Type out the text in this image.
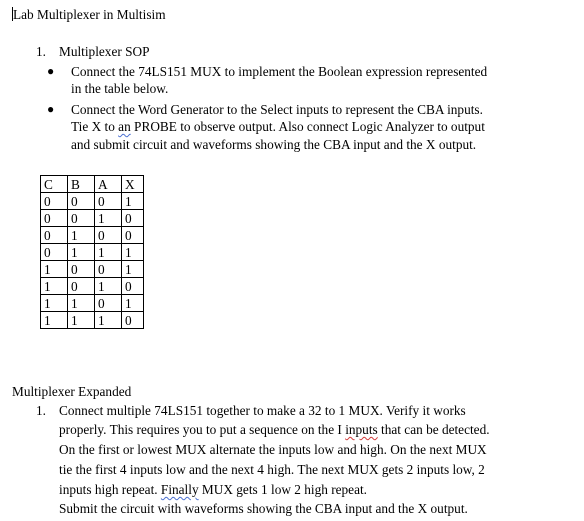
Lab Multiplexer in Multisim
1. Multiplexer SOP
● Connect the 74LS151 MUX to implement the Boolean expression represented
in the table below.
● Connect the Word Generator to the Select inputs to represent the CBA inputs.
Tie X to an PROBE to observe output. Also connect Logic Analyzer to output
and submit circuit and waveforms showing the CBA input and the X output.
C	B	A	X
0	0	0	1
0	0	1	0
0	1	0	0
0	1	1	1
1	0	0	1
1	0	1	0
1	1	0	1
1	1	1	0
Multiplexer Expanded
1. Connect multiple 74LS151 together to make a 32 to 1 MUX. Verify it works
properly. This requires you to put a sequence on the I inputs that can be detected.
On the first or lowest MUX alternate the inputs low and high. On the next MUX
tie the first 4 inputs low and the next 4 high. The next MUX gets 2 inputs low, 2
inputs high repeat. Finally MUX gets 1 low 2 high repeat.
Submit the circuit with waveforms showing the CBA input and the X output.
